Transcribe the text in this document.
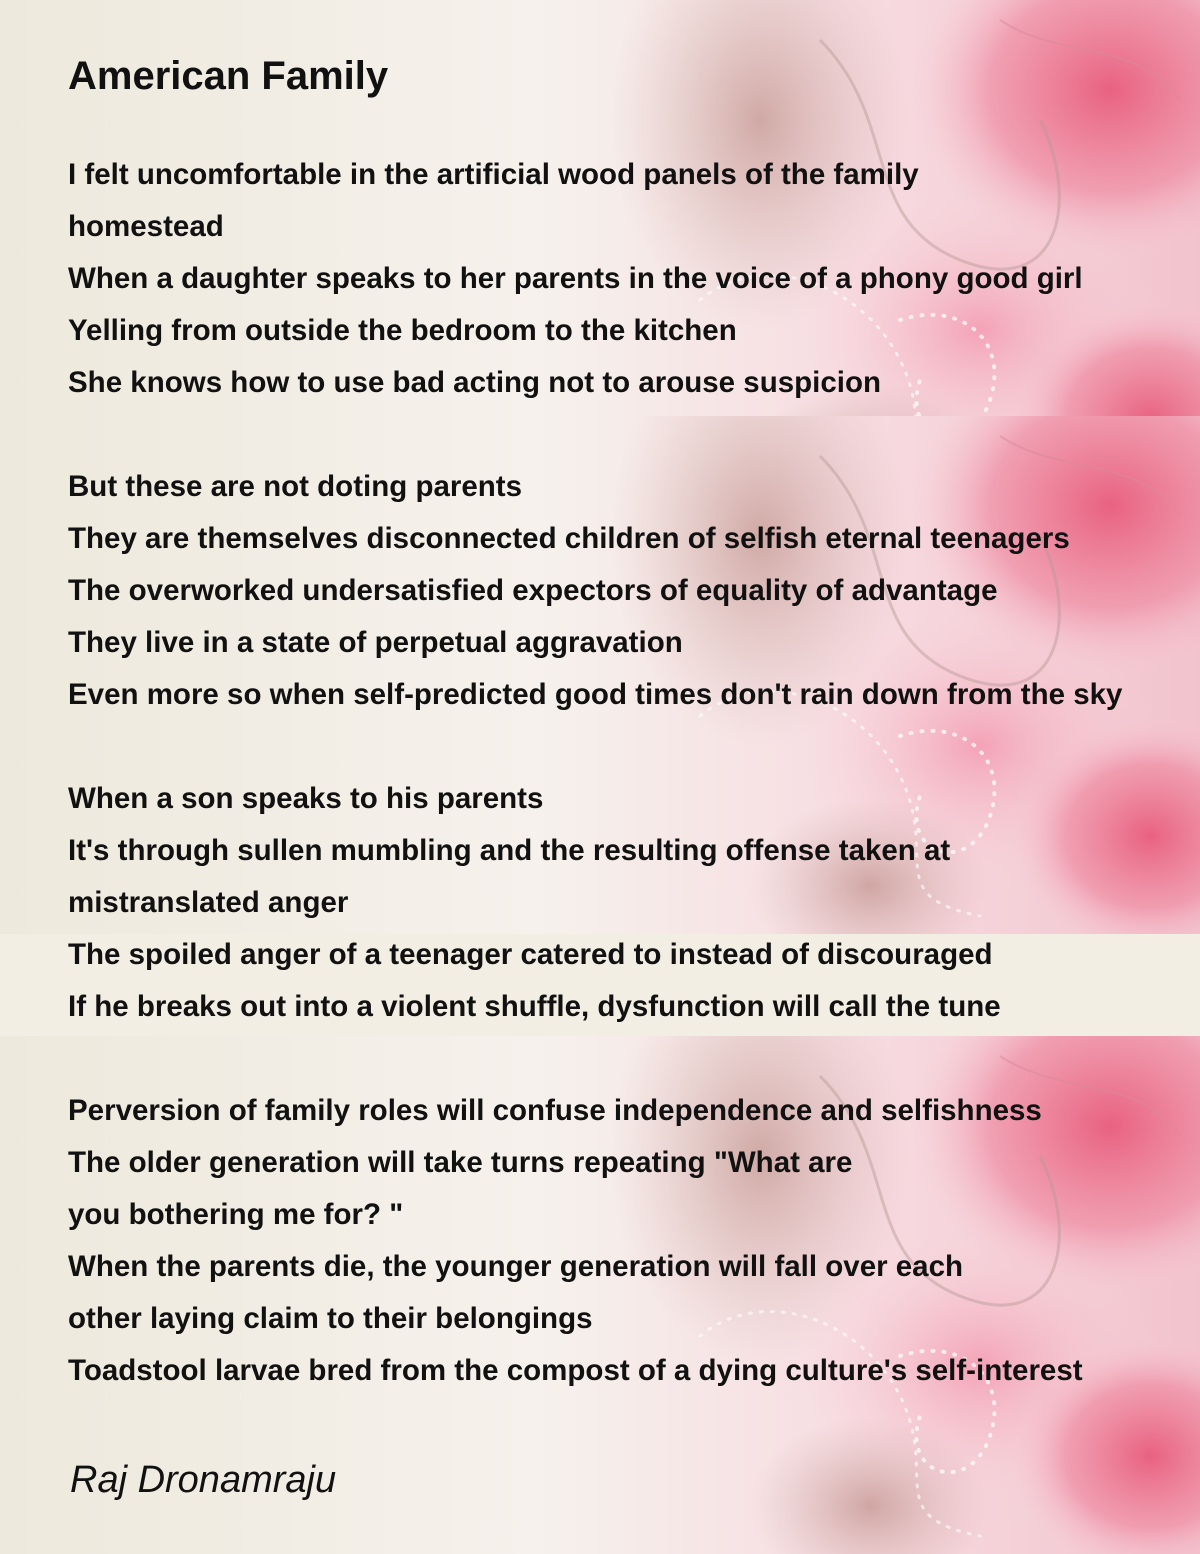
American Family

I felt uncomfortable in the artificial wood panels of the family

homestead

When a daughter speaks to her parents in the voice of a phony good girl

Yelling from outside the bedroom to the kitchen

She knows how to use bad acting not to arouse suspicion

But these are not doting parents

They are themselves disconnected children of selfish eternal teenagers

The overworked undersatisfied expectors of equality of advantage

They live in a state of perpetual aggravation

Even more so when self-predicted good times don't rain down from the sky

When a son speaks to his parents

It's through sullen mumbling and the resulting offense taken at

mistranslated anger

The spoiled anger of a teenager catered to instead of discouraged

If he breaks out into a violent shuffle, dysfunction will call the tune

Perversion of family roles will confuse independence and selfishness

The older generation will take turns repeating "What are

you bothering me for? "

When the parents die, the younger generation will fall over each

other laying claim to their belongings

Toadstool larvae bred from the compost of a dying culture's self-interest

Raj Dronamraju
